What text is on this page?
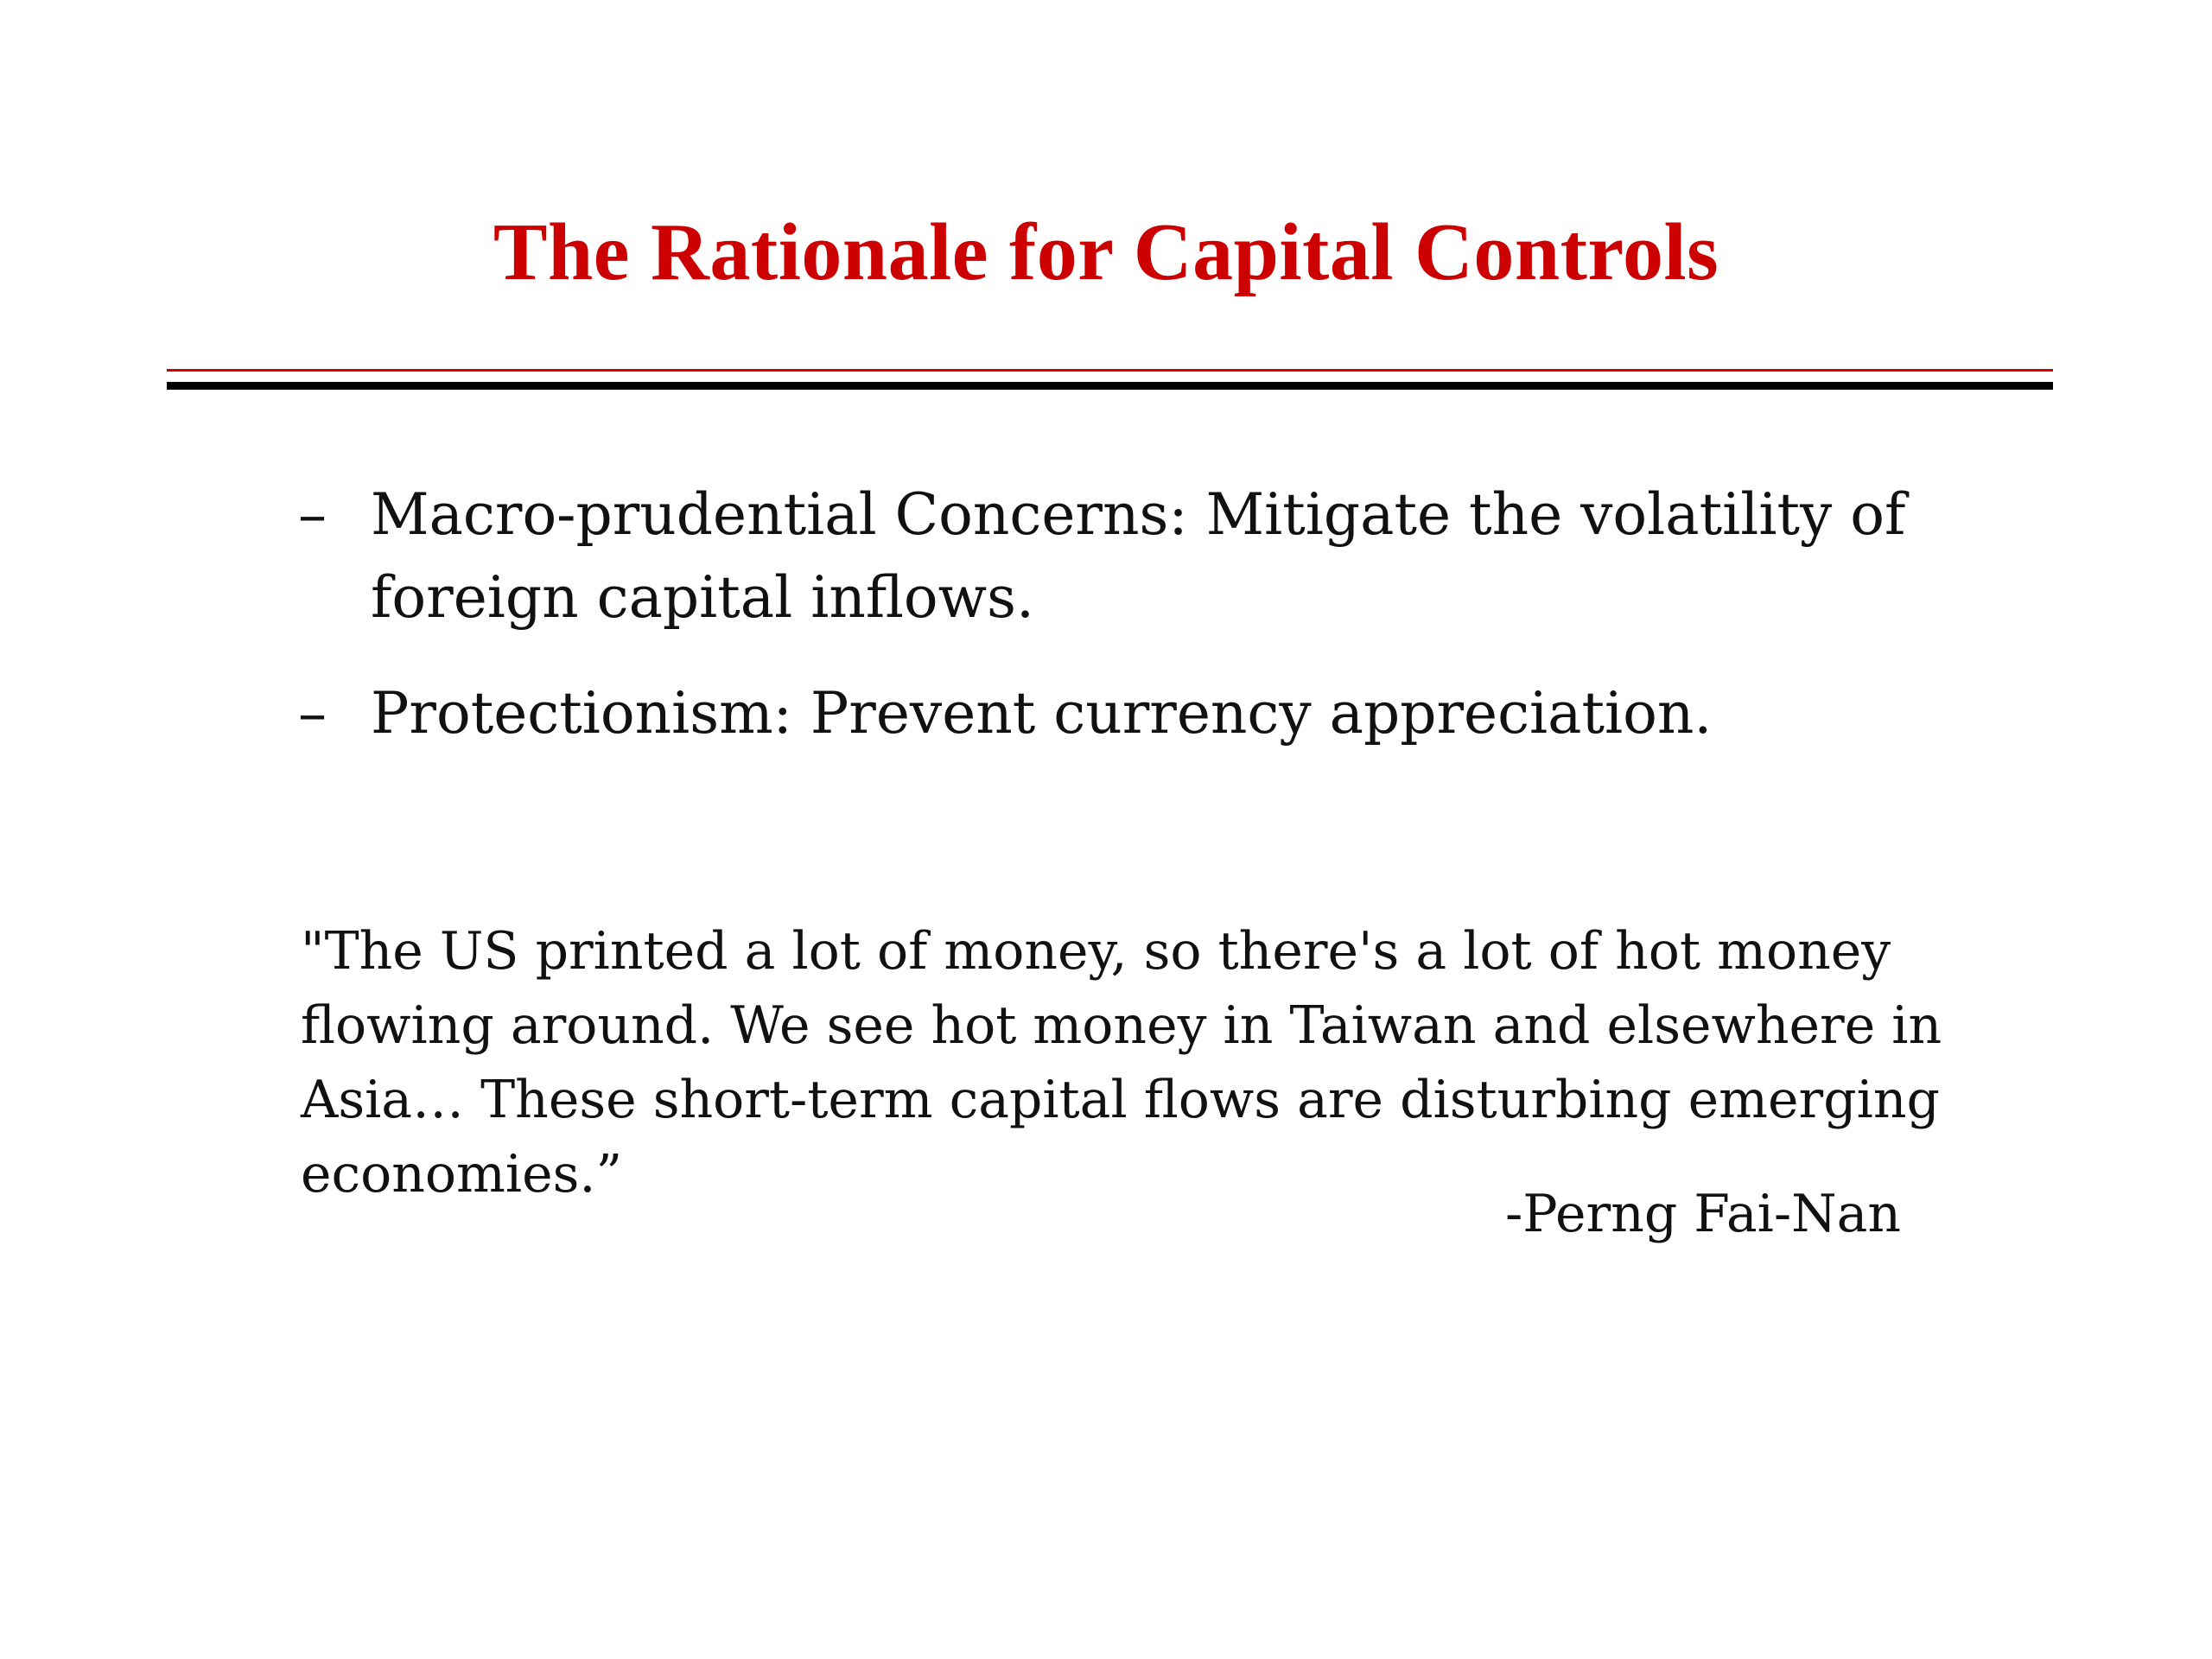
The Rationale for Capital Controls
– Macro-prudential Concerns: Mitigate the volatility of foreign capital inflows.
– Protectionism: Prevent currency appreciation.

"The US printed a lot of money, so there's a lot of hot money flowing around. We see hot money in Taiwan and elsewhere in Asia… These short-term capital flows are disturbing emerging economies.”

-Perng Fai-Nan
